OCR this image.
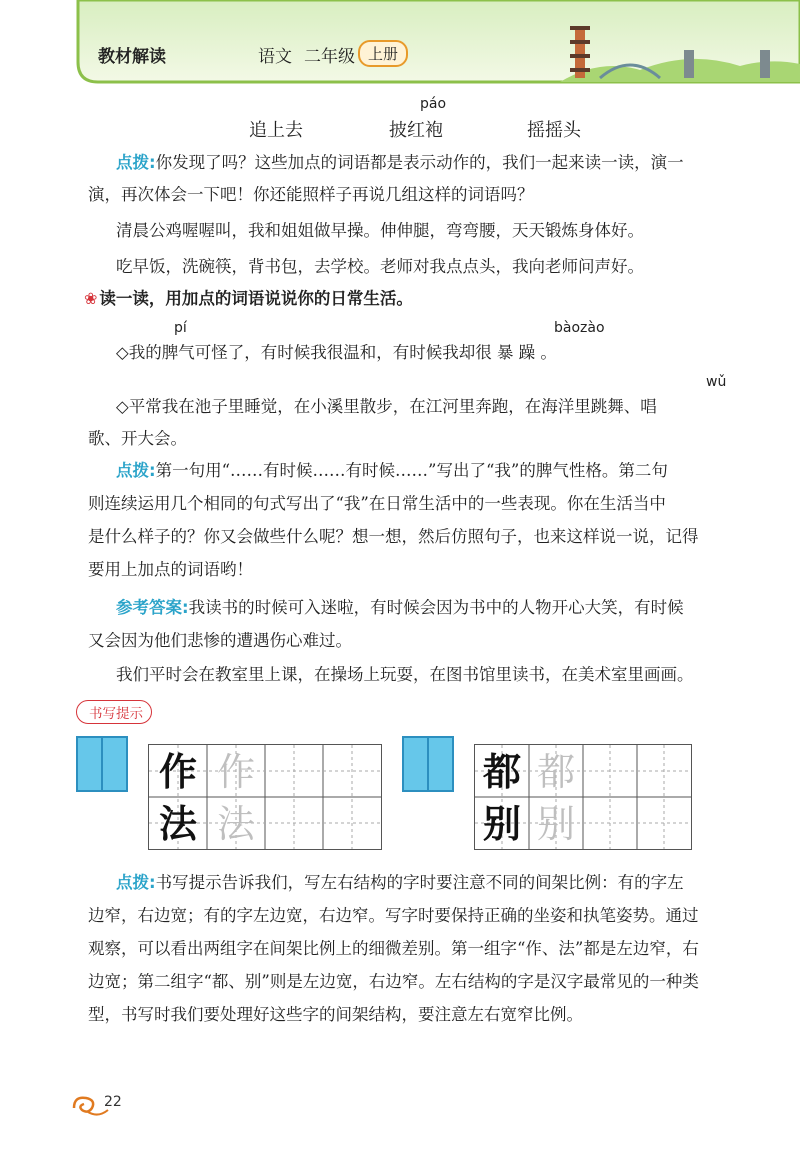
教材解读	语文 二年级 上册
páo
追上去	披红袍	摇摇头
点拨:你发现了吗？这些加点的词语都是表示动作的，我们一起来读一读，演一
演，再次体会一下吧！你还能照样子再说几组这样的词语吗？
清晨公鸡喔喔叫，我和姐姐做早操。伸伸腿，弯弯腰，天天锻炼身体好。
吃早饭，洗碗筷，背书包，去学校。老师对我点点头，我向老师问声好。
❀ 读一读，用加点的词语说说你的日常生活。
pí	bàozào
◇我的脾气可怪了，有时候我很温和，有时候我却很 暴 躁 。
wǔ
◇平常我在池子里睡觉，在小溪里散步，在江河里奔跑，在海洋里跳舞、唱
歌、开大会。
点拨:第一句用“……有时候……有时候……”写出了“我”的脾气性格。第二句
则连续运用几个相同的句式写出了“我”在日常生活中的一些表现。你在生活当中
是什么样子的？你又会做些什么呢？想一想，然后仿照句子，也来这样说一说，记得
要用上加点的词语哟！
参考答案:我读书的时候可入迷啦，有时候会因为书中的人物开心大笑，有时候
又会因为他们悲惨的遭遇伤心难过。
我们平时会在教室里上课，在操场上玩耍，在图书馆里读书，在美术室里画画。
书写提示
作 作
法 法
都 都
别 别
点拨:书写提示告诉我们，写左右结构的字时要注意不同的间架比例：有的字左
边窄，右边宽；有的字左边宽，右边窄。写字时要保持正确的坐姿和执笔姿势。通过
观察，可以看出两组字在间架比例上的细微差别。第一组字“作、法”都是左边窄，右
边宽；第二组字“都、别”则是左边宽，右边窄。左右结构的字是汉字最常见的一种类
型，书写时我们要处理好这些字的间架结构，要注意左右宽窄比例。
22
